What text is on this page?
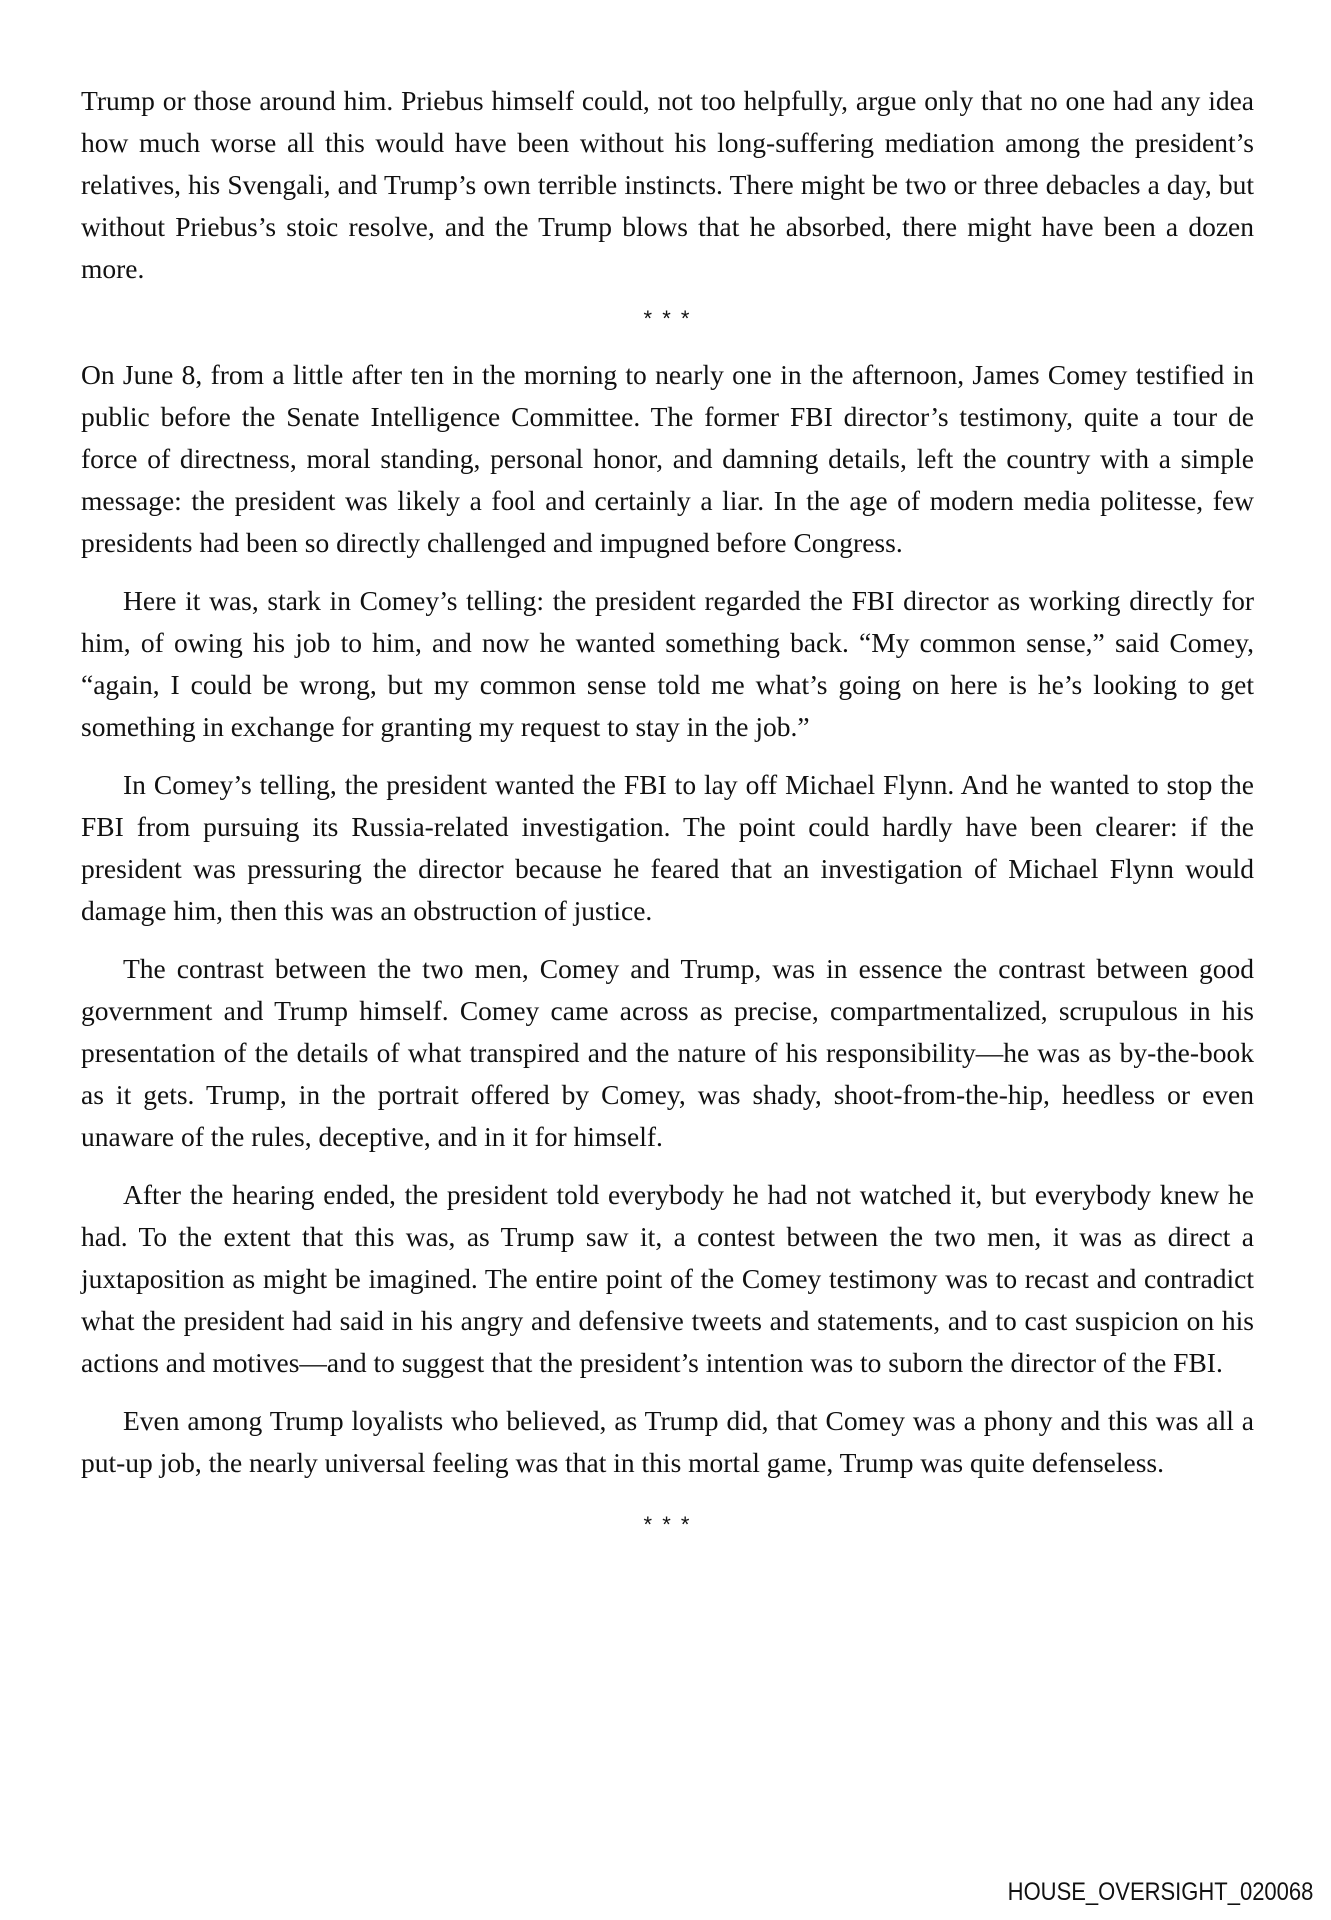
Trump or those around him. Priebus himself could, not too helpfully, argue only that no one had any idea how much worse all this would have been without his long-suffering mediation among the president’s relatives, his Svengali, and Trump’s own terrible instincts. There might be two or three debacles a day, but without Priebus’s stoic resolve, and the Trump blows that he absorbed, there might have been a dozen more.

* * *

On June 8, from a little after ten in the morning to nearly one in the afternoon, James Comey testified in public before the Senate Intelligence Committee. The former FBI director’s testimony, quite a tour de force of directness, moral standing, personal honor, and damning details, left the country with a simple message: the president was likely a fool and certainly a liar. In the age of modern media politesse, few presidents had been so directly challenged and impugned before Congress.

Here it was, stark in Comey’s telling: the president regarded the FBI director as working directly for him, of owing his job to him, and now he wanted something back. “My common sense,” said Comey, “again, I could be wrong, but my common sense told me what’s going on here is he’s looking to get something in exchange for granting my request to stay in the job.”

In Comey’s telling, the president wanted the FBI to lay off Michael Flynn. And he wanted to stop the FBI from pursuing its Russia-related investigation. The point could hardly have been clearer: if the president was pressuring the director because he feared that an investigation of Michael Flynn would damage him, then this was an obstruction of justice.

The contrast between the two men, Comey and Trump, was in essence the contrast between good government and Trump himself. Comey came across as precise, compartmentalized, scrupulous in his presentation of the details of what transpired and the nature of his responsibility—he was as by-the-book as it gets. Trump, in the portrait offered by Comey, was shady, shoot-from-the-hip, heedless or even unaware of the rules, deceptive, and in it for himself.

After the hearing ended, the president told everybody he had not watched it, but everybody knew he had. To the extent that this was, as Trump saw it, a contest between the two men, it was as direct a juxtaposition as might be imagined. The entire point of the Comey testimony was to recast and contradict what the president had said in his angry and defensive tweets and statements, and to cast suspicion on his actions and motives—and to suggest that the president’s intention was to suborn the director of the FBI.

Even among Trump loyalists who believed, as Trump did, that Comey was a phony and this was all a put-up job, the nearly universal feeling was that in this mortal game, Trump was quite defenseless.

* * *
HOUSE_OVERSIGHT_020068
